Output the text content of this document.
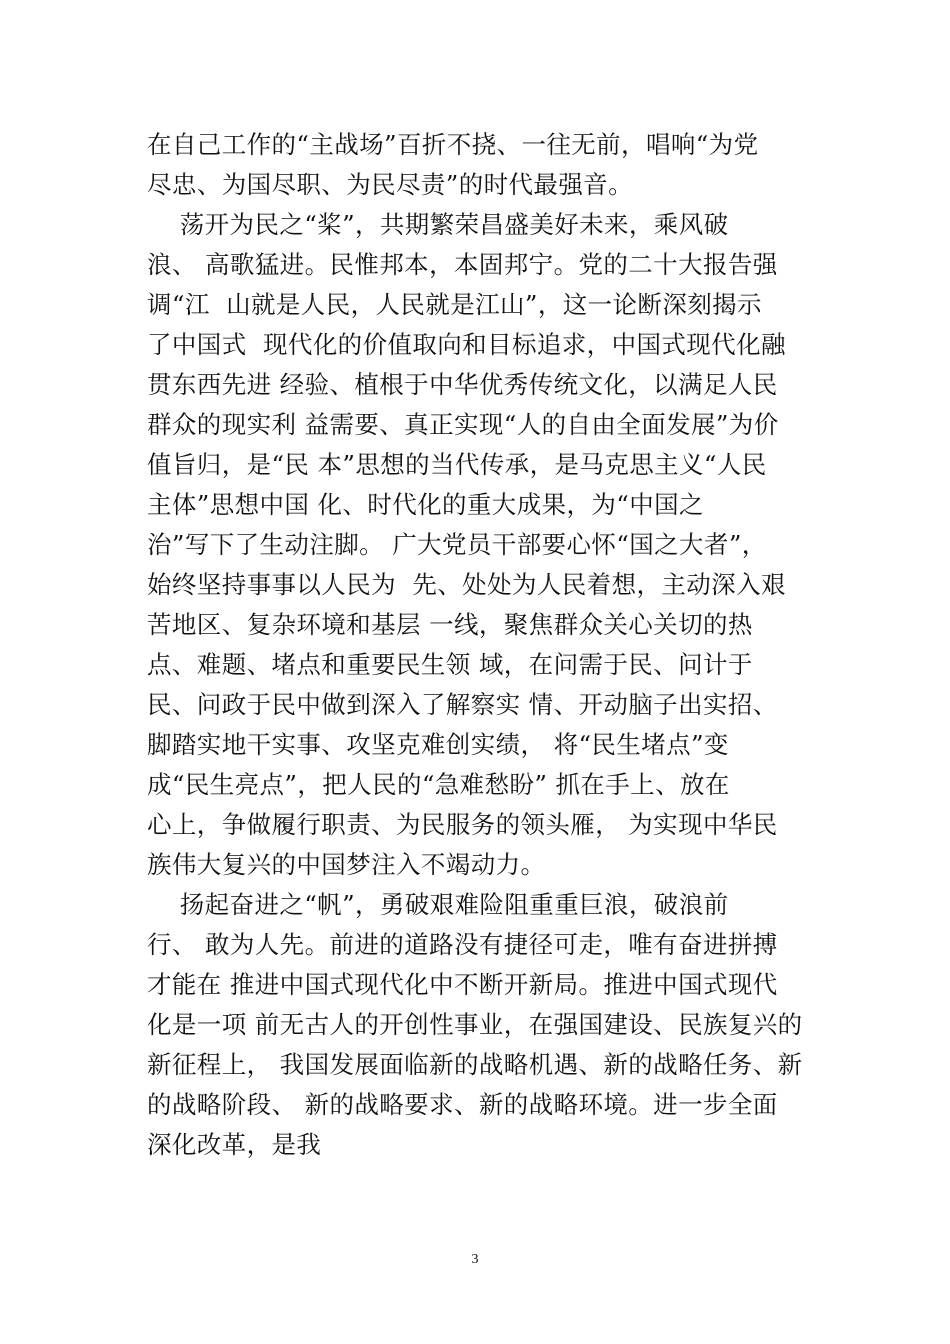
在自己工作的“主战场”百折不挠、一往无前，唱响“为党
尽忠、为国尽职、为民尽责”的时代最强音。
荡开为民之“桨”，共期繁荣昌盛美好未来，乘风破
浪、 高歌猛进。民惟邦本，本固邦宁。党的二十大报告强
调“江  山就是人民，人民就是江山”，这一论断深刻揭示
了中国式  现代化的价值取向和目标追求，中国式现代化融
贯东西先进 经验、植根于中华优秀传统文化，以满足人民
群众的现实利 益需要、真正实现“人的自由全面发展”为价
值旨归，是“民 本”思想的当代传承，是马克思主义“人民
主体”思想中国 化、时代化的重大成果，为“中国之
治”写下了生动注脚。 广大党员干部要心怀“国之大者”，
始终坚持事事以人民为  先、处处为人民着想，主动深入艰
苦地区、复杂环境和基层 一线，聚焦群众关心关切的热
点、难题、堵点和重要民生领 域，在问需于民、问计于
民、问政于民中做到深入了解察实 情、开动脑子出实招、
脚踏实地干实事、攻坚克难创实绩， 将“民生堵点”变
成“民生亮点”，把人民的“急难愁盼” 抓在手上、放在
心上，争做履行职责、为民服务的领头雁， 为实现中华民
族伟大复兴的中国梦注入不竭动力。
扬起奋进之“帆”，勇破艰难险阻重重巨浪，破浪前
行、 敢为人先。前进的道路没有捷径可走，唯有奋进拼搏
才能在 推进中国式现代化中不断开新局。推进中国式现代
化是一项 前无古人的开创性事业，在强国建设、民族复兴的
新征程上， 我国发展面临新的战略机遇、新的战略任务、新
的战略阶段、 新的战略要求、新的战略环境。进一步全面
深化改革，是我
3
